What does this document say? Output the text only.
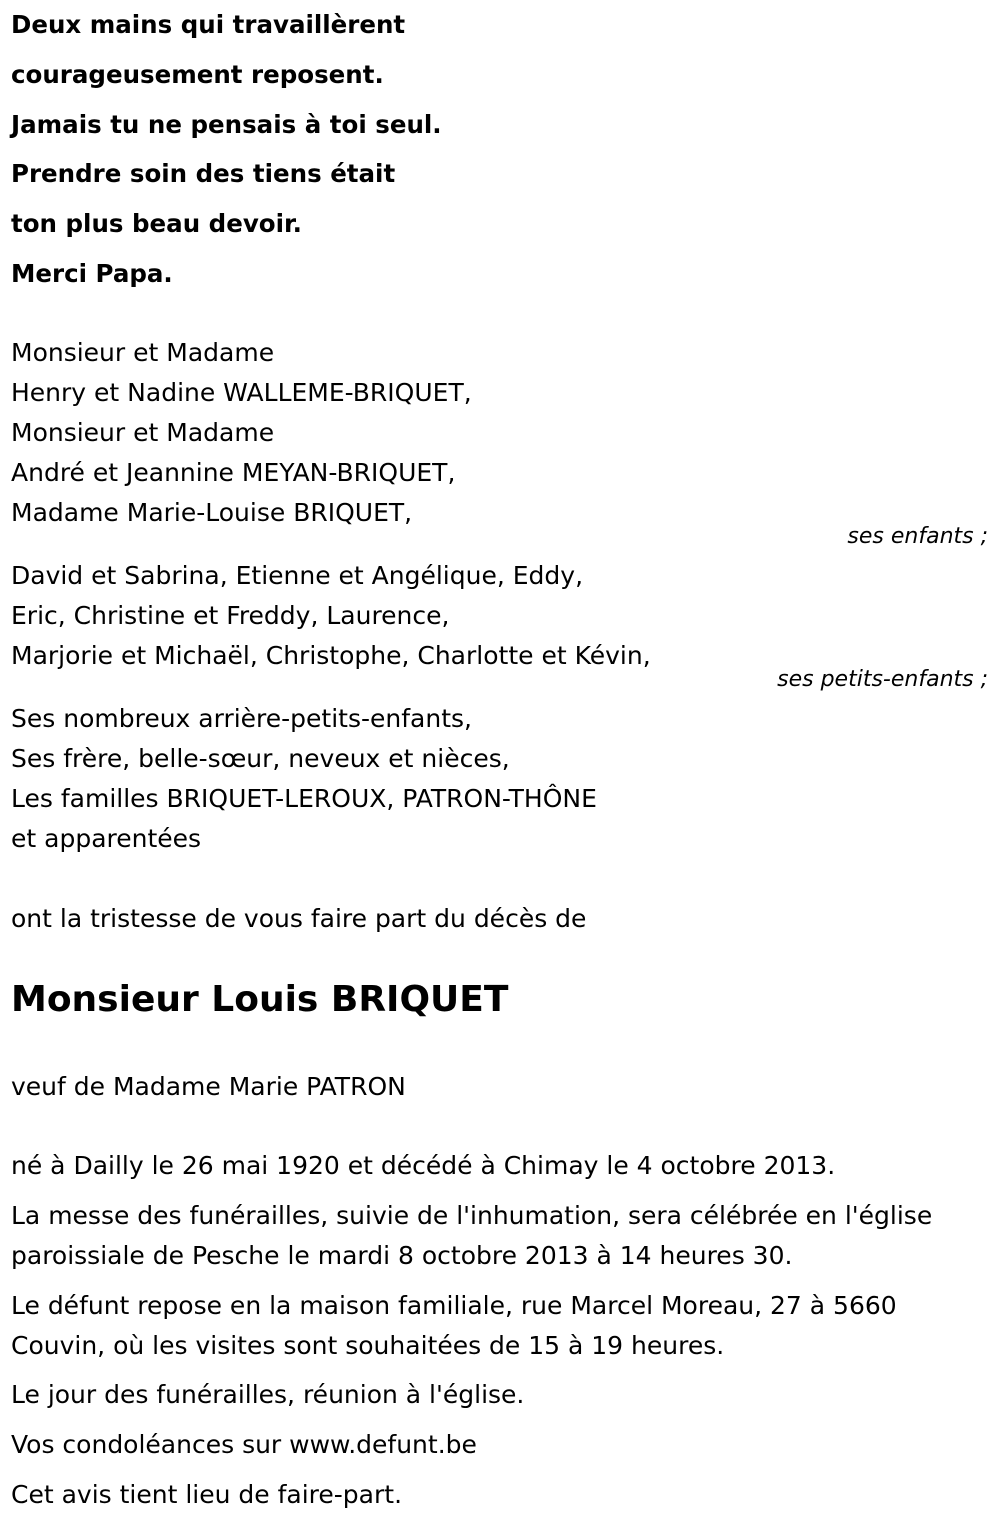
Deux mains qui travaillèrent

courageusement reposent.

Jamais tu ne pensais à toi seul.

Prendre soin des tiens était

ton plus beau devoir.

Merci Papa.

Monsieur et Madame

Henry et Nadine WALLEME-BRIQUET,

Monsieur et Madame

André et Jeannine MEYAN-BRIQUET,

Madame Marie-Louise BRIQUET,

ses enfants ;

David et Sabrina, Etienne et Angélique, Eddy,

Eric, Christine et Freddy, Laurence,

Marjorie et Michaël, Christophe, Charlotte et Kévin,

ses petits-enfants ;

Ses nombreux arrière-petits-enfants,

Ses frère, belle-sœur, neveux et nièces,

Les familles BRIQUET-LEROUX, PATRON-THÔNE

et apparentées

ont la tristesse de vous faire part du décès de

Monsieur Louis BRIQUET

veuf de Madame Marie PATRON

né à Dailly le 26 mai 1920 et décédé à Chimay le 4 octobre 2013.

La messe des funérailles, suivie de l'inhumation, sera célébrée en l'église

paroissiale de Pesche le mardi 8 octobre 2013 à 14 heures 30.

Le défunt repose en la maison familiale, rue Marcel Moreau, 27 à 5660

Couvin, où les visites sont souhaitées de 15 à 19 heures.

Le jour des funérailles, réunion à l'église.

Vos condoléances sur www.defunt.be

Cet avis tient lieu de faire-part.
